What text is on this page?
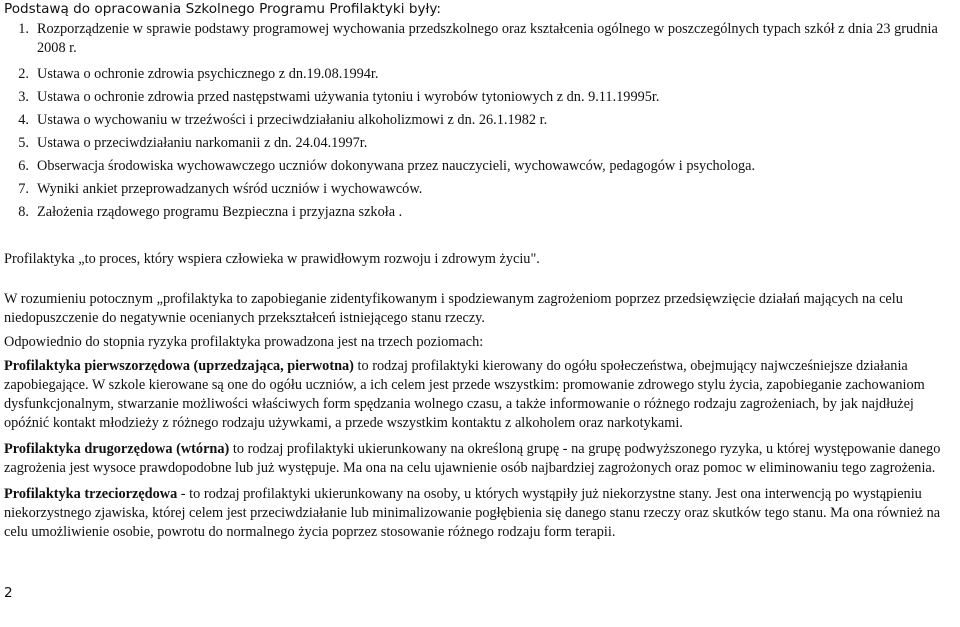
Podstawą do opracowania Szkolnego Programu Profilaktyki były:

1. Rozporządzenie w sprawie podstawy programowej wychowania przedszkolnego oraz kształcenia ogólnego w poszczególnych typach szkół z dnia 23 grudnia 2008 r.
2. Ustawa o ochronie zdrowia psychicznego z dn.19.08.1994r.
3. Ustawa o ochronie zdrowia przed następstwami używania tytoniu i wyrobów tytoniowych z dn. 9.11.19995r.
4. Ustawa o wychowaniu w trzeźwości i przeciwdziałaniu alkoholizmowi z dn. 26.1.1982 r.
5. Ustawa o przeciwdziałaniu narkomanii z dn. 24.04.1997r.
6. Obserwacja środowiska wychowawczego uczniów dokonywana przez nauczycieli, wychowawców, pedagogów i psychologa.
7. Wyniki ankiet przeprowadzanych wśród uczniów i wychowawców.
8. Założenia rządowego programu Bezpieczna i przyjazna szkoła .

Profilaktyka „to proces, który wspiera człowieka w prawidłowym rozwoju i zdrowym życiu".

W rozumieniu potocznym „profilaktyka to zapobieganie zidentyfikowanym i spodziewanym zagrożeniom poprzez przedsięwzięcie działań mających na celu niedopuszczenie do negatywnie ocenianych przekształceń istniejącego stanu rzeczy.

Odpowiednio do stopnia ryzyka profilaktyka prowadzona jest na trzech poziomach:

Profilaktyka pierwszorzędowa (uprzedzająca, pierwotna) to rodzaj profilaktyki kierowany do ogółu społeczeństwa, obejmujący najwcześniejsze działania zapobiegające. W szkole kierowane są one do ogółu uczniów, a ich celem jest przede wszystkim: promowanie zdrowego stylu życia, zapobieganie zachowaniom dysfunkcjonalnym, stwarzanie możliwości właściwych form spędzania wolnego czasu, a także informowanie o różnego rodzaju zagrożeniach, by jak najdłużej opóźnić kontakt młodzieży z różnego rodzaju używkami, a przede wszystkim kontaktu z alkoholem oraz narkotykami.

Profilaktyka drugorzędowa (wtórna) to rodzaj profilaktyki ukierunkowany na określoną grupę - na grupę podwyższonego ryzyka, u której występowanie danego zagrożenia jest wysoce prawdopodobne lub już występuje. Ma ona na celu ujawnienie osób najbardziej zagrożonych oraz pomoc w eliminowaniu tego zagrożenia.

Profilaktyka trzeciorzędowa - to rodzaj profilaktyki ukierunkowany na osoby, u których wystąpiły już niekorzystne stany. Jest ona interwencją po wystąpieniu niekorzystnego zjawiska, której celem jest przeciwdziałanie lub minimalizowanie pogłębienia się danego stanu rzeczy oraz skutków tego stanu. Ma ona również na celu umożliwienie osobie, powrotu do normalnego życia poprzez stosowanie różnego rodzaju form terapii.

2
